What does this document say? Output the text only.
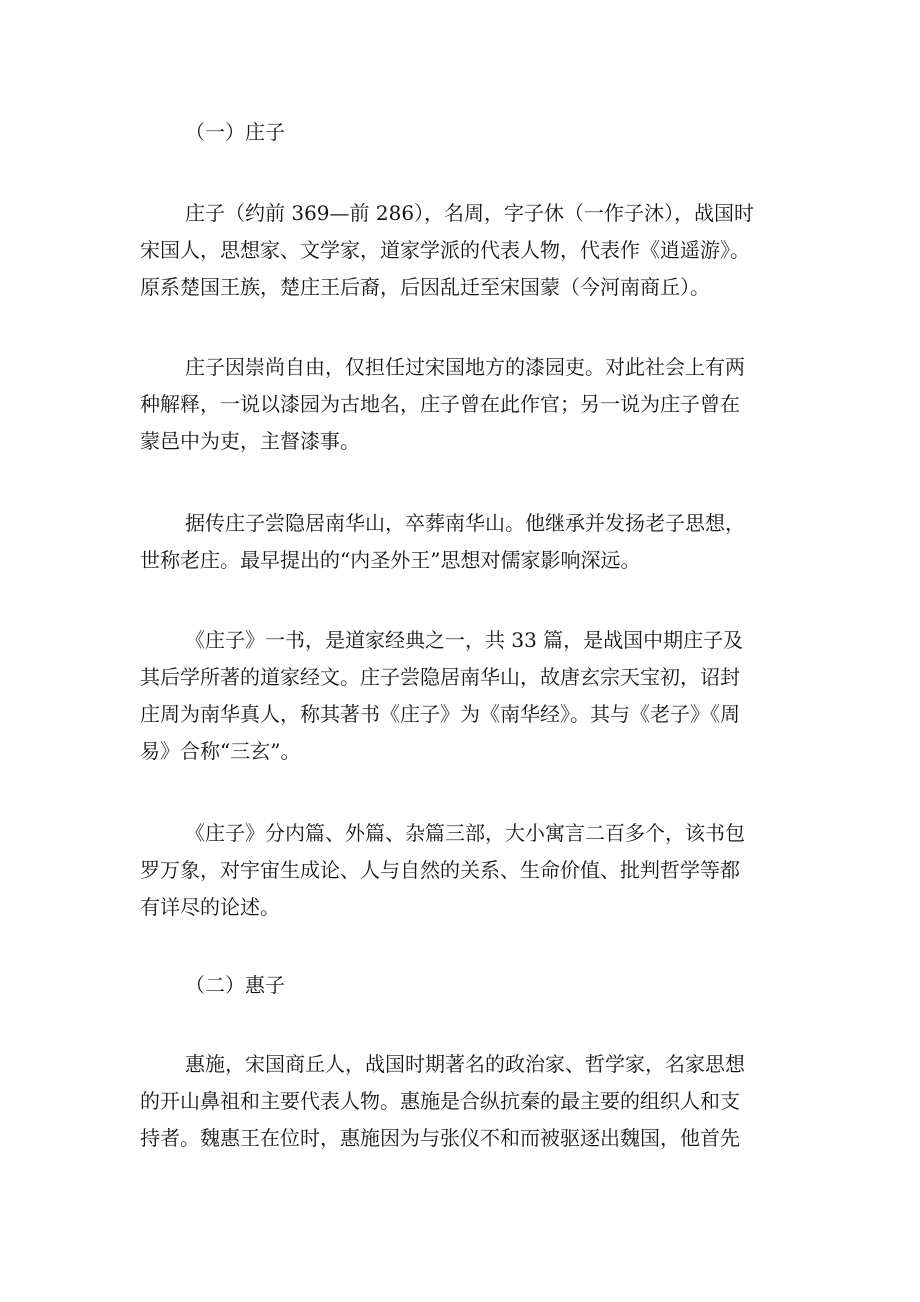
（一）庄子
庄子（约前 369—前 286），名周，字子休（一作子沐），战国时
宋国人，思想家、文学家，道家学派的代表人物，代表作《逍遥游》。
原系楚国王族，楚庄王后裔，后因乱迁至宋国蒙（今河南商丘）。
庄子因崇尚自由，仅担任过宋国地方的漆园吏。对此社会上有两
种解释，一说以漆园为古地名，庄子曾在此作官；另一说为庄子曾在
蒙邑中为吏，主督漆事。
据传庄子尝隐居南华山，卒葬南华山。他继承并发扬老子思想，
世称老庄。最早提出的“内圣外王”思想对儒家影响深远。
《庄子》一书，是道家经典之一，共 33 篇，是战国中期庄子及
其后学所著的道家经文。庄子尝隐居南华山，故唐玄宗天宝初，诏封
庄周为南华真人，称其著书《庄子》为《南华经》。其与《老子》《周
易》合称“三玄”。
《庄子》分内篇、外篇、杂篇三部，大小寓言二百多个，该书包
罗万象，对宇宙生成论、人与自然的关系、生命价值、批判哲学等都
有详尽的论述。
（二）惠子
惠施，宋国商丘人，战国时期著名的政治家、哲学家，名家思想
的开山鼻祖和主要代表人物。惠施是合纵抗秦的最主要的组织人和支
持者。魏惠王在位时，惠施因为与张仪不和而被驱逐出魏国，他首先
